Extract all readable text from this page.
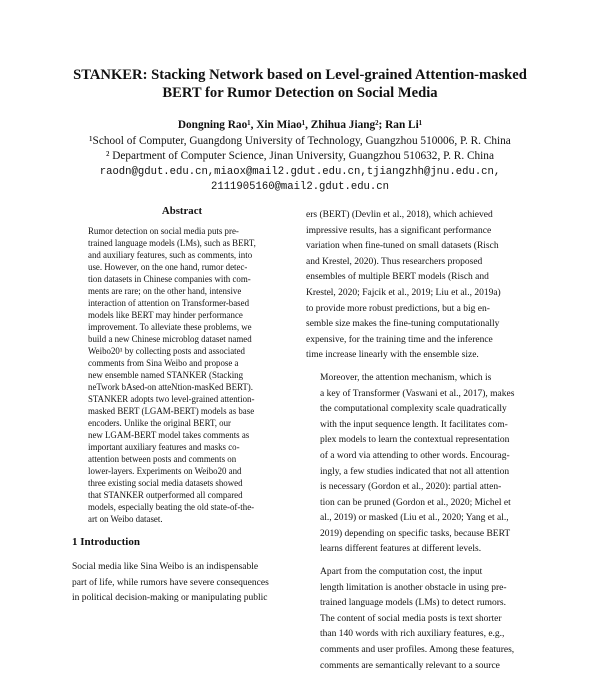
STANKER: Stacking Network based on Level-grained Attention-masked
BERT for Rumor Detection on Social Media
Dongning Rao¹, Xin Miao¹, Zhihua Jiang²; Ran Li¹
¹School of Computer, Guangdong University of Technology, Guangzhou 510006, P. R. China
² Department of Computer Science, Jinan University, Guangzhou 510632, P. R. China
raodn@gdut.edu.cn,miaox@mail2.gdut.edu.cn,tjiangzhh@jnu.edu.cn,
2111905160@mail2.gdut.edu.cn
Abstract
Rumor detection on social media puts pre-
trained language models (LMs), such as BERT,
and auxiliary features, such as comments, into
use. However, on the one hand, rumor detec-
tion datasets in Chinese companies with com-
ments are rare; on the other hand, intensive
interaction of attention on Transformer-based
models like BERT may hinder performance
improvement. To alleviate these problems, we
build a new Chinese microblog dataset named
Weibo20¹ by collecting posts and associated
comments from Sina Weibo and propose a
new ensemble named STANKER (Stacking
neTwork bAsed-on atteNtion-masKed BERT).
STANKER adopts two level-grained attention-
masked BERT (LGAM-BERT) models as base
encoders. Unlike the original BERT, our
new LGAM-BERT model takes comments as
important auxiliary features and masks co-
attention between posts and comments on
lower-layers. Experiments on Weibo20 and
three existing social media datasets showed
that STANKER outperformed all compared
models, especially beating the old state-of-the-
art on Weibo dataset.
1 Introduction
Social media like Sina Weibo is an indispensable
part of life, while rumors have severe consequences
in political decision-making or manipulating public

ers (BERT) (Devlin et al., 2018), which achieved
impressive results, has a significant performance
variation when fine-tuned on small datasets (Risch
and Krestel, 2020). Thus researchers proposed
ensembles of multiple BERT models (Risch and
Krestel, 2020; Fajcik et al., 2019; Liu et al., 2019a)
to provide more robust predictions, but a big en-
semble size makes the fine-tuning computationally
expensive, for the training time and the inference
time increase linearly with the ensemble size.

Moreover, the attention mechanism, which is
a key of Transformer (Vaswani et al., 2017), makes
the computational complexity scale quadratically
with the input sequence length. It facilitates com-
plex models to learn the contextual representation
of a word via attending to other words. Encourag-
ingly, a few studies indicated that not all attention
is necessary (Gordon et al., 2020): partial atten-
tion can be pruned (Gordon et al., 2020; Michel et
al., 2019) or masked (Liu et al., 2020; Yang et al.,
2019) depending on specific tasks, because BERT
learns different features at different levels.

Apart from the computation cost, the input
length limitation is another obstacle in using pre-
trained language models (LMs) to detect rumors.
The content of social media posts is text shorter
than 140 words with rich auxiliary features, e.g.,
comments and user profiles. Among these features,
comments are semantically relevant to a source
